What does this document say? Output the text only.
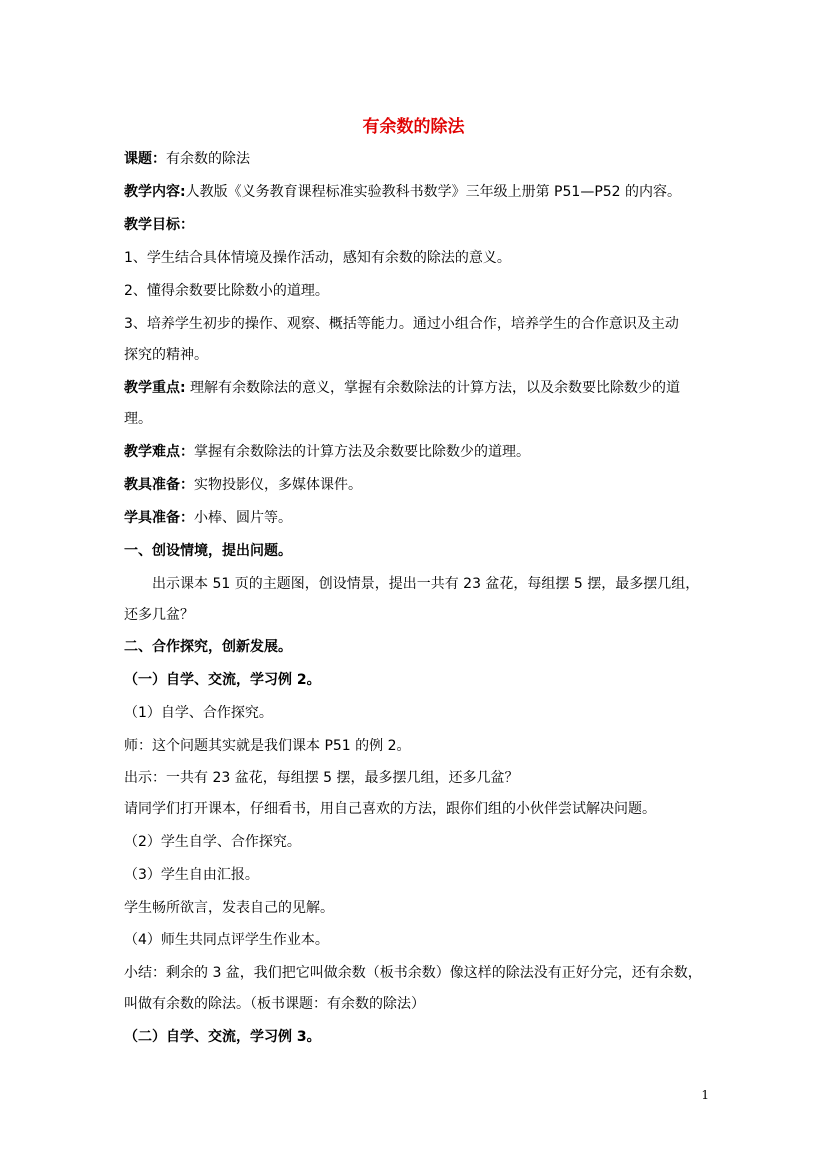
有余数的除法
课题：有余数的除法
教学内容:人教版《义务教育课程标准实验教科书数学》三年级上册第 P51—P52 的内容。
教学目标：
1、学生结合具体情境及操作活动，感知有余数的除法的意义。
2、懂得余数要比除数小的道理。
3、培养学生初步的操作、观察、概括等能力。通过小组合作，培养学生的合作意识及主动
探究的精神。
教学重点: 理解有余数除法的意义，掌握有余数除法的计算方法，以及余数要比除数少的道
理。
教学难点：掌握有余数除法的计算方法及余数要比除数少的道理。
教具准备：实物投影仪，多媒体课件。
学具准备：小棒、圆片等。
一、创设情境，提出问题。
出示课本 51 页的主题图，创设情景，提出一共有 23 盆花，每组摆 5 摆，最多摆几组，
还多几盆？
二、合作探究，创新发展。
（一）自学、交流，学习例 2。
（1）自学、合作探究。
师：这个问题其实就是我们课本 P51 的例 2。
出示：一共有 23 盆花，每组摆 5 摆，最多摆几组，还多几盆？
请同学们打开课本，仔细看书，用自己喜欢的方法，跟你们组的小伙伴尝试解决问题。
（2）学生自学、合作探究。
（3）学生自由汇报。
学生畅所欲言，发表自己的见解。
（4）师生共同点评学生作业本。
小结：剩余的 3 盆，我们把它叫做余数（板书余数）像这样的除法没有正好分完，还有余数，
叫做有余数的除法。（板书课题：有余数的除法）
（二）自学、交流，学习例 3。
1
